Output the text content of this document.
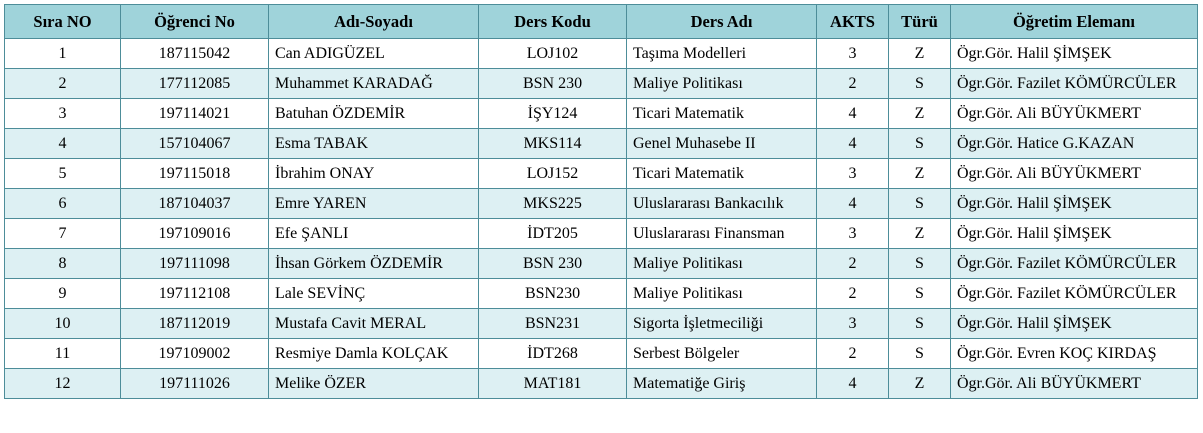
Sıra NO	Öğrenci No	Adı-Soyadı	Ders Kodu	Ders Adı	AKTS	Türü	Öğretim Elemanı
1	187115042	Can ADIGÜZEL	LOJ102	Taşıma Modelleri	3	Z	Ögr.Gör. Halil ŞİMŞEK
2	177112085	Muhammet KARADAĞ	BSN 230	Maliye Politikası	2	S	Ögr.Gör. Fazilet KÖMÜRCÜLER
3	197114021	Batuhan ÖZDEMİR	İŞY124	Ticari Matematik	4	Z	Ögr.Gör. Ali BÜYÜKMERT
4	157104067	Esma TABAK	MKS114	Genel Muhasebe II	4	S	Ögr.Gör. Hatice G.KAZAN
5	197115018	İbrahim ONAY	LOJ152	Ticari Matematik	3	Z	Ögr.Gör. Ali BÜYÜKMERT
6	187104037	Emre YAREN	MKS225	Uluslararası Bankacılık	4	S	Ögr.Gör. Halil ŞİMŞEK
7	197109016	Efe ŞANLI	İDT205	Uluslararası Finansman	3	Z	Ögr.Gör. Halil ŞİMŞEK
8	197111098	İhsan Görkem ÖZDEMİR	BSN 230	Maliye Politikası	2	S	Ögr.Gör. Fazilet KÖMÜRCÜLER
9	197112108	Lale SEVİNÇ	BSN230	Maliye Politikası	2	S	Ögr.Gör. Fazilet KÖMÜRCÜLER
10	187112019	Mustafa Cavit MERAL	BSN231	Sigorta İşletmeciliği	3	S	Ögr.Gör. Halil ŞİMŞEK
11	197109002	Resmiye Damla KOLÇAK	İDT268	Serbest Bölgeler	2	S	Ögr.Gör. Evren KOÇ KIRDAŞ
12	197111026	Melike ÖZER	MAT181	Matematiğe Giriş	4	Z	Ögr.Gör. Ali BÜYÜKMERT
